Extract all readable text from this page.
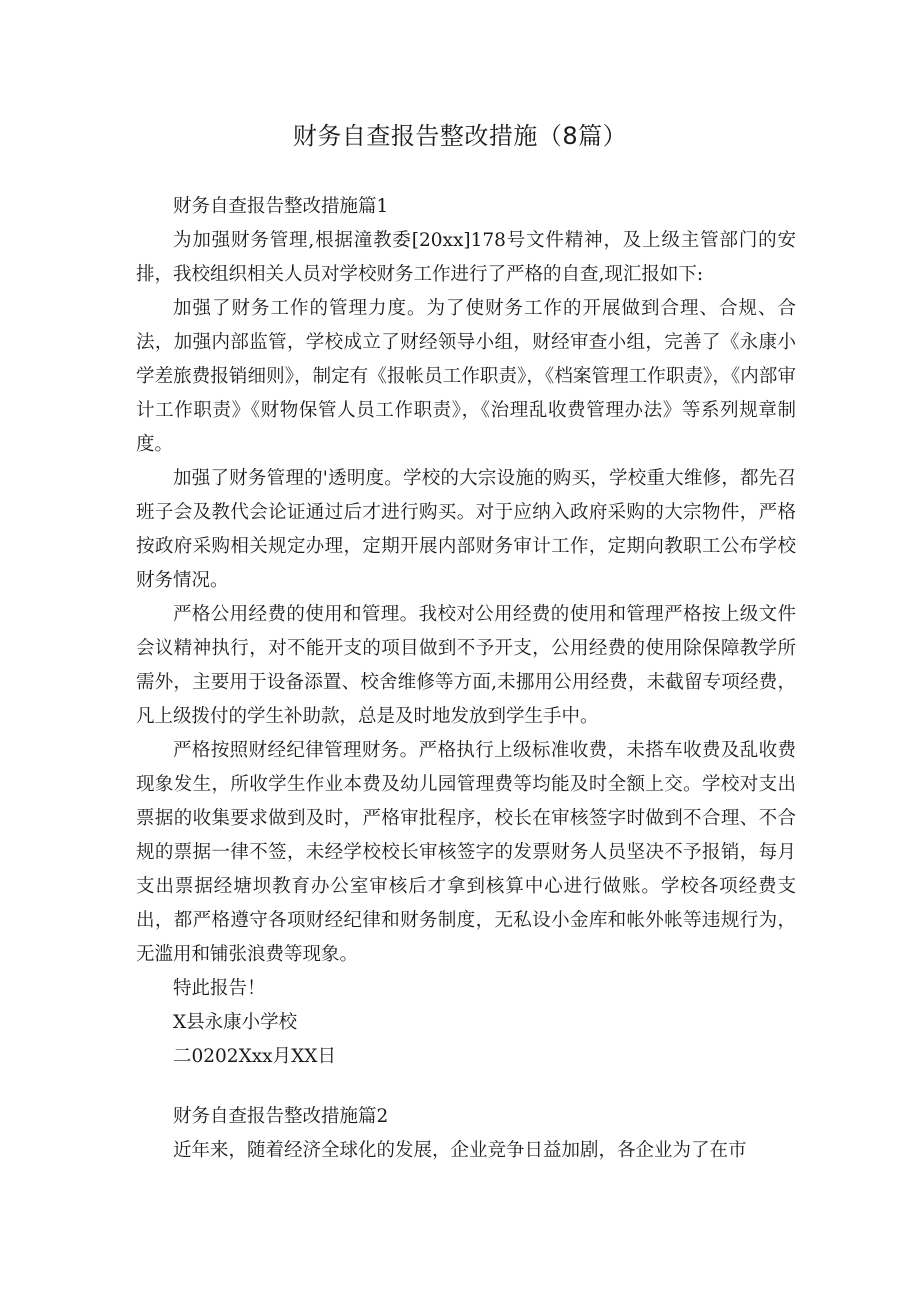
财务自查报告整改措施（8篇）

财务自查报告整改措施篇1

为加强财务管理,根据潼教委[20xx]178号文件精神，及上级主管部门的安排，我校组织相关人员对学校财务工作进行了严格的自查,现汇报如下:

加强了财务工作的管理力度。为了使财务工作的开展做到合理、合规、合法，加强内部监管，学校成立了财经领导小组，财经审查小组，完善了《永康小学差旅费报销细则》，制定有《报帐员工作职责》，《档案管理工作职责》，《内部审计工作职责》《财物保管人员工作职责》，《治理乱收费管理办法》等系列规章制度。

加强了财务管理的'透明度。学校的大宗设施的购买，学校重大维修，都先召班子会及教代会论证通过后才进行购买。对于应纳入政府采购的大宗物件，严格按政府采购相关规定办理，定期开展内部财务审计工作，定期向教职工公布学校财务情况。

严格公用经费的使用和管理。我校对公用经费的使用和管理严格按上级文件会议精神执行，对不能开支的项目做到不予开支，公用经费的使用除保障教学所需外，主要用于设备添置、校舍维修等方面,未挪用公用经费，未截留专项经费，凡上级拨付的学生补助款，总是及时地发放到学生手中。

严格按照财经纪律管理财务。严格执行上级标准收费，未搭车收费及乱收费现象发生，所收学生作业本费及幼儿园管理费等均能及时全额上交。学校对支出票据的收集要求做到及时，严格审批程序，校长在审核签字时做到不合理、不合规的票据一律不签，未经学校校长审核签字的发票财务人员坚决不予报销，每月支出票据经塘坝教育办公室审核后才拿到核算中心进行做账。学校各项经费支出，都严格遵守各项财经纪律和财务制度，无私设小金库和帐外帐等违规行为，无滥用和铺张浪费等现象。

特此报告！

X县永康小学校

二0202Xxx月XX日

财务自查报告整改措施篇2

近年来，随着经济全球化的发展，企业竞争日益加剧，各企业为了在市
